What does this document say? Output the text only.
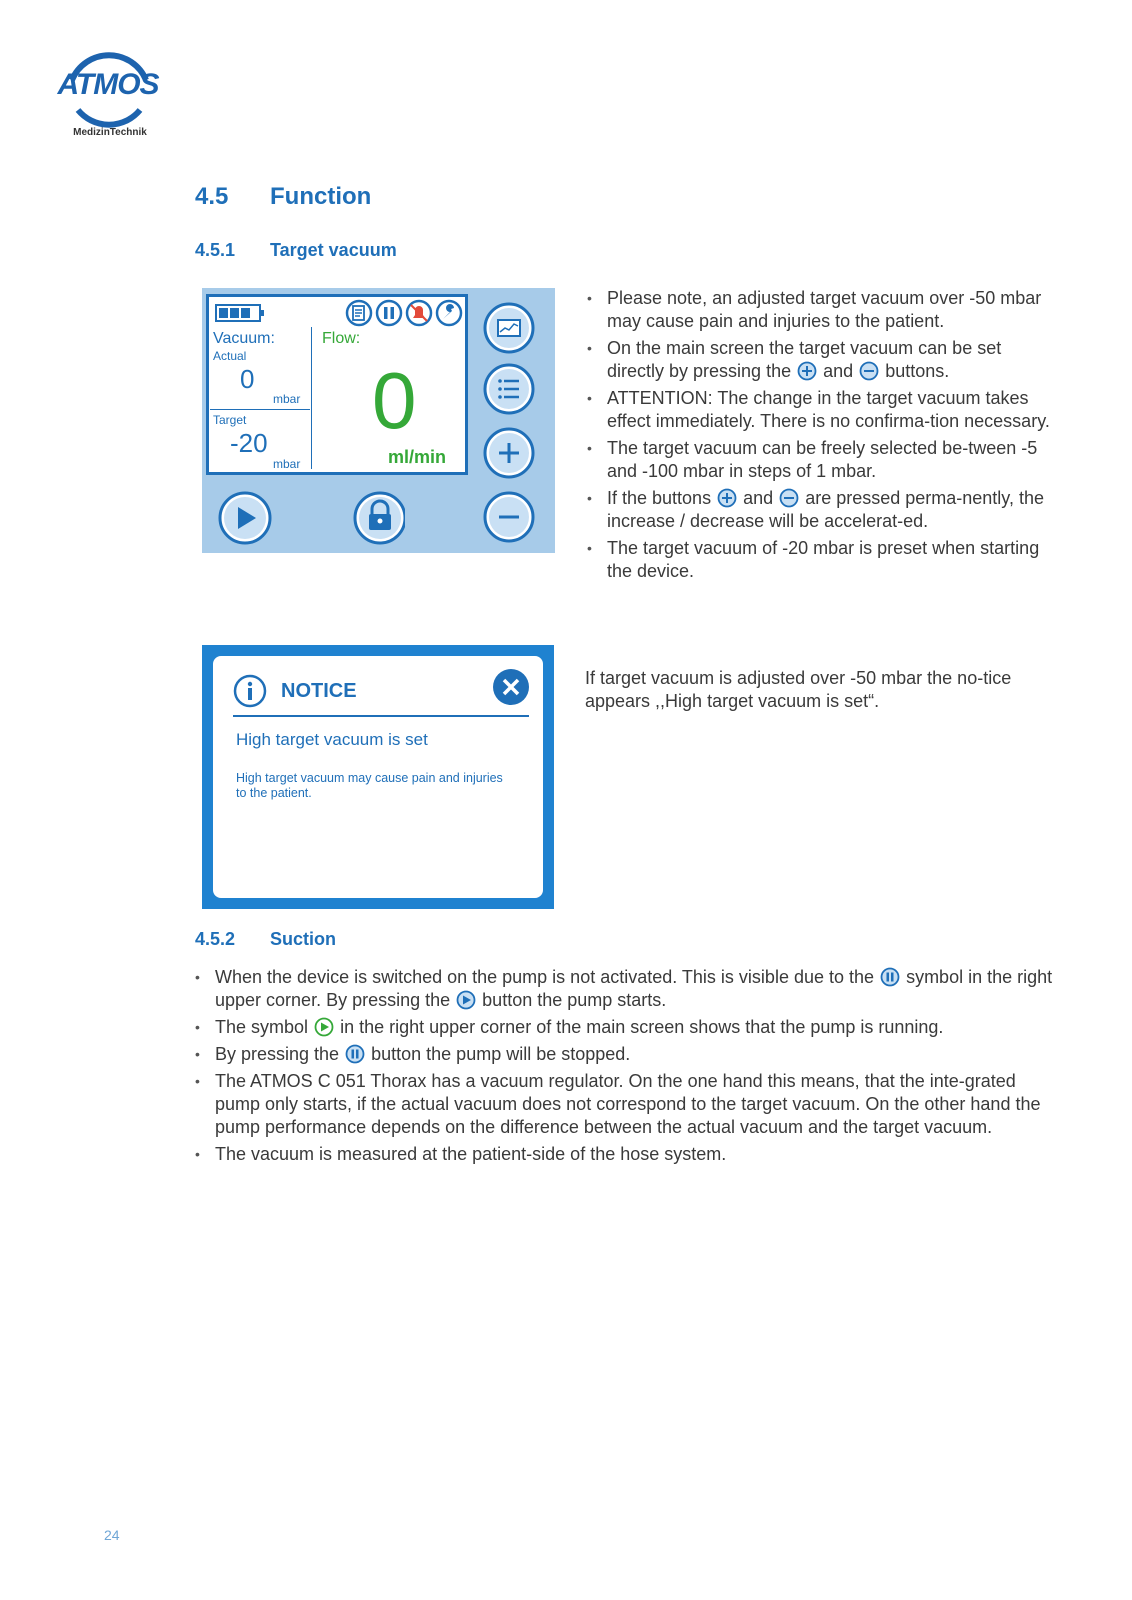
ATMOS
MedizinTechnik
4.5 Function
4.5.1 Target vacuum
Vacuum:
Actual
0
mbar
Target
-20
mbar
Flow:
0
ml/min
NOTICE
High target vacuum is set
High target vacuum may cause pain and injuries to the patient.
• Please note, an adjusted target vacuum over -50 mbar may cause pain and injuries to the patient.
• On the main screen the target vacuum can be set directly by pressing the and buttons.
• ATTENTION: The change in the target vacuum takes effect immediately. There is no confirma-tion necessary.
• The target vacuum can be freely selected be-tween -5 and -100 mbar in steps of 1 mbar.
• If the buttons and are pressed perma-nently, the increase / decrease will be accelerat-ed.
• The target vacuum of -20 mbar is preset when starting the device.
If target vacuum is adjusted over -50 mbar the no-tice appears ,,High target vacuum is set“.
4.5.2 Suction
• When the device is switched on the pump is not activated. This is visible due to the symbol in the right upper corner. By pressing the button the pump starts.
• The symbol in the right upper corner of the main screen shows that the pump is running.
• By pressing the button the pump will be stopped.
• The ATMOS C 051 Thorax has a vacuum regulator. On the one hand this means, that the inte-grated pump only starts, if the actual vacuum does not correspond to the target vacuum. On the other hand the pump performance depends on the difference between the actual vacuum and the target vacuum.
• The vacuum is measured at the patient-side of the hose system.
24
